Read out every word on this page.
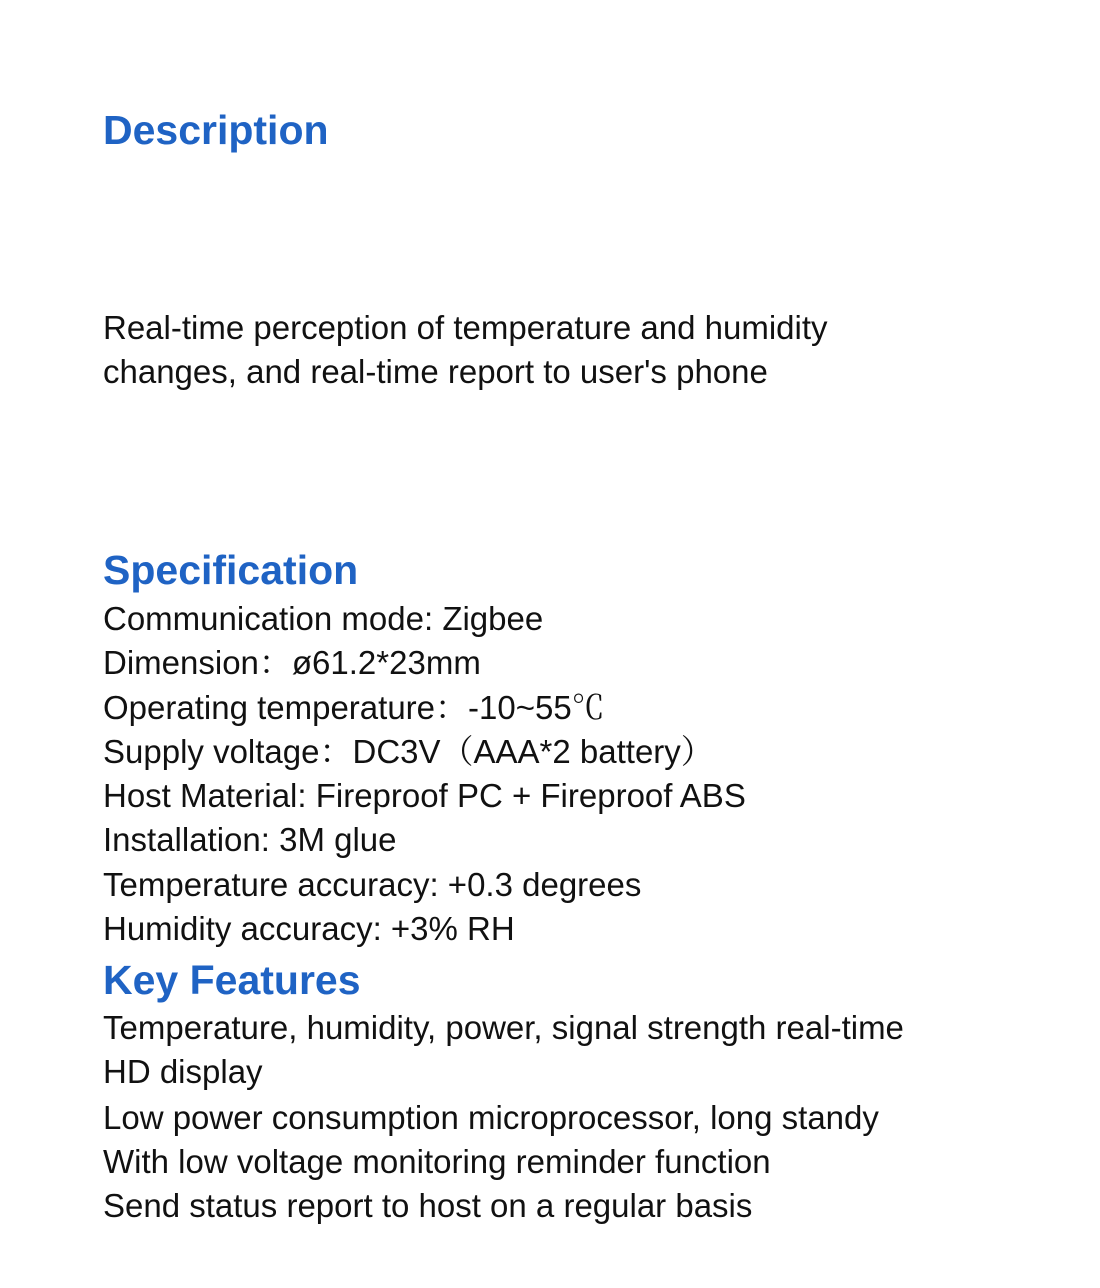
Description

Real-time perception of temperature and humidity
changes, and real-time report to user's phone

Specification
Communication mode: Zigbee
Dimension：ø61.2*23mm
Operating temperature：-10~55℃
Supply voltage：DC3V（AAA*2 battery）
Host Material: Fireproof PC + Fireproof ABS
Installation: 3M glue
Temperature accuracy: +0.3 degrees
Humidity accuracy: +3% RH
Key Features
Temperature, humidity, power, signal strength real-time
HD display
Low power consumption microprocessor, long standy
With low voltage monitoring reminder function
Send status report to host on a regular basis
